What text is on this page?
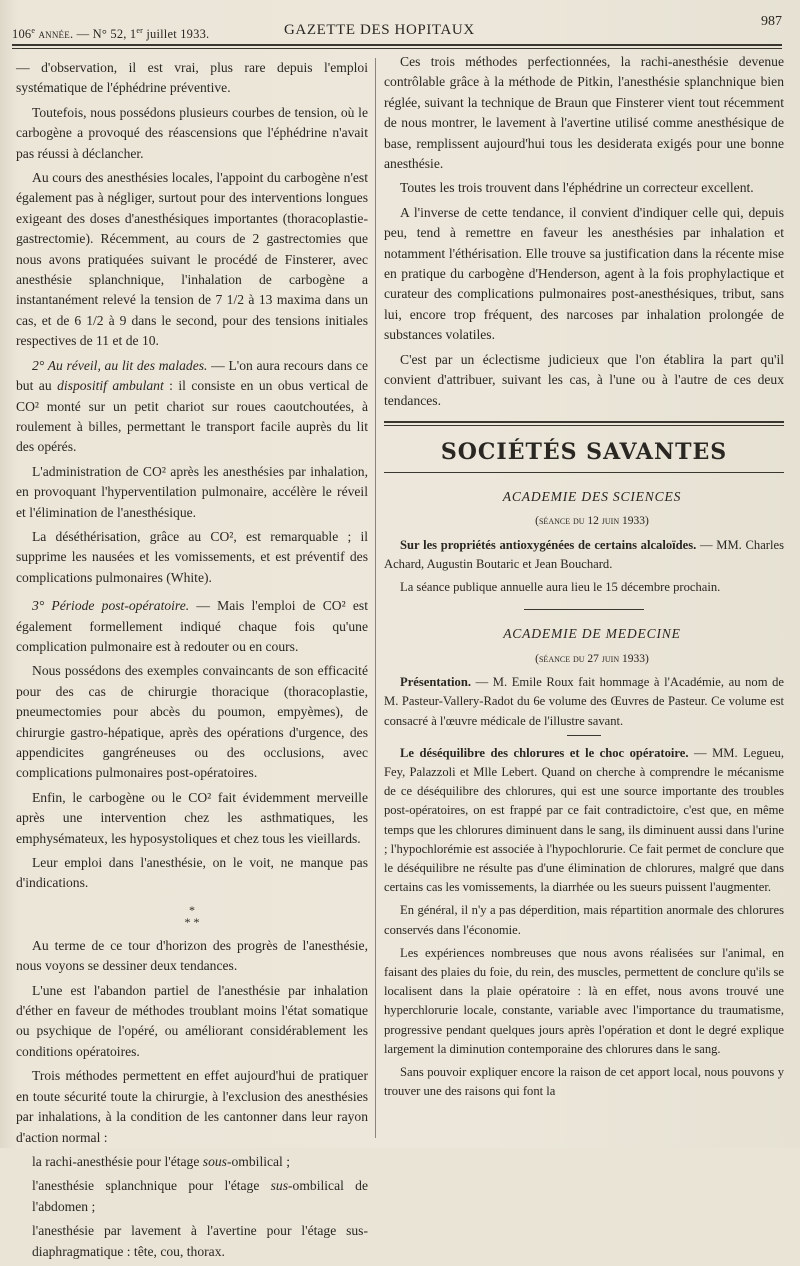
106e année. — N° 52, 1er juillet 1933.	GAZETTE DES HOPITAUX
987

— d'observation, il est vrai, plus rare depuis l'emploi systématique de l'éphédrine préventive.

Toutefois, nous possédons plusieurs courbes de tension, où le carbogène a provoqué des réascensions que l'éphédrine n'avait pas réussi à déclancher.

Au cours des anesthésies locales, l'appoint du carbogène n'est également pas à négliger, surtout pour des interventions longues exigeant des doses d'anesthésiques importantes (thoracoplastie-gastrectomie). Récemment, au cours de 2 gastrectomies que nous avons pratiquées suivant le procédé de Finsterer, avec anesthésie splanchnique, l'inhalation de carbogène a instantanément relevé la tension de 7 1/2 à 13 maxima dans un cas, et de 6 1/2 à 9 dans le second, pour des tensions initiales respectives de 11 et de 10.

2° Au réveil, au lit des malades. — L'on aura recours dans ce but au dispositif ambulant : il consiste en un obus vertical de CO² monté sur un petit chariot sur roues caoutchoutées, à roulement à billes, permettant le transport facile auprès du lit des opérés.

L'administration de CO² après les anesthésies par inhalation, en provoquant l'hyperventilation pulmonaire, accélère le réveil et l'élimination de l'anesthésique.

La déséthérisation, grâce au CO², est remarquable ; il supprime les nausées et les vomissements, et est préventif des complications pulmonaires (White).

3° Période post-opératoire. — Mais l'emploi de CO² est également formellement indiqué chaque fois qu'une complication pulmonaire est à redouter ou en cours.

Nous possédons des exemples convaincants de son efficacité pour des cas de chirurgie thoracique (thoracoplastie, pneumectomies pour abcès du poumon, empyèmes), de chirurgie gastro-hépatique, après des opérations d'urgence, des appendicites gangréneuses ou des occlusions, avec complications pulmonaires post-opératoires.

Enfin, le carbogène ou le CO² fait évidemment merveille après une intervention chez les asthmatiques, les emphysémateux, les hyposystoliques et chez tous les vieillards.

Leur emploi dans l'anesthésie, on le voit, ne manque pas d'indications.

*
* *

Au terme de ce tour d'horizon des progrès de l'anesthésie, nous voyons se dessiner deux tendances.

L'une est l'abandon partiel de l'anesthésie par inhalation d'éther en faveur de méthodes troublant moins l'état somatique ou psychique de l'opéré, ou améliorant considérablement les conditions opératoires.

Trois méthodes permettent en effet aujourd'hui de pratiquer en toute sécurité toute la chirurgie, à l'exclusion des anesthésies par inhalations, à la condition de les cantonner dans leur rayon d'action normal :

la rachi-anesthésie pour l'étage sous-ombilical ;

l'anesthésie splanchnique pour l'étage sus-ombilical de l'abdomen ;

l'anesthésie par lavement à l'avertine pour l'étage sus-diaphragmatique : tête, cou, thorax.

Ces trois méthodes perfectionnées, la rachi-anesthésie devenue contrôlable grâce à la méthode de Pitkin, l'anesthésie splanchnique bien réglée, suivant la technique de Braun que Finsterer vient tout récemment de nous montrer, le lavement à l'avertine utilisé comme anesthésique de base, remplissent aujourd'hui tous les desiderata exigés pour une bonne anesthésie.

Toutes les trois trouvent dans l'éphédrine un correcteur excellent.

A l'inverse de cette tendance, il convient d'indiquer celle qui, depuis peu, tend à remettre en faveur les anesthésies par inhalation et notamment l'éthérisation. Elle trouve sa justification dans la récente mise en pratique du carbogène d'Henderson, agent à la fois prophylactique et curateur des complications pulmonaires post-anesthésiques, tribut, sans lui, encore trop fréquent, des narcoses par inhalation prolongée de substances volatiles.

C'est par un éclectisme judicieux que l'on établira la part qu'il convient d'attribuer, suivant les cas, à l'une ou à l'autre de ces deux tendances.

SOCIÉTÉS SAVANTES

ACADEMIE DES SCIENCES

(séance du 12 juin 1933)

Sur les propriétés antioxygénées de certains alcaloïdes. — MM. Charles Achard, Augustin Boutaric et Jean Bouchard.

La séance publique annuelle aura lieu le 15 décembre prochain.

ACADEMIE DE MEDECINE

(séance du 27 juin 1933)

Présentation. — M. Emile Roux fait hommage à l'Académie, au nom de M. Pasteur-Vallery-Radot du 6e volume des Œuvres de Pasteur. Ce volume est consacré à l'œuvre médicale de l'illustre savant.

Le déséquilibre des chlorures et le choc opératoire. — MM. Legueu, Fey, Palazzoli et Mlle Lebert. Quand on cherche à comprendre le mécanisme de ce déséquilibre des chlorures, qui est une source importante des troubles post-opératoires, on est frappé par ce fait contradictoire, c'est que, en même temps que les chlorures diminuent dans le sang, ils diminuent aussi dans l'urine ; l'hypochlorémie est associée à l'hypochlorurie. Ce fait permet de conclure que le déséquilibre ne résulte pas d'une élimination de chlorures, malgré que dans certains cas les vomissements, la diarrhée ou les sueurs puissent l'augmenter.

En général, il n'y a pas déperdition, mais répartition anormale des chlorures conservés dans l'économie.

Les expériences nombreuses que nous avons réalisées sur l'animal, en faisant des plaies du foie, du rein, des muscles, permettent de conclure qu'ils se localisent dans la plaie opératoire : là en effet, nous avons trouvé une hyperchlorurie locale, constante, variable avec l'importance du traumatisme, progressive pendant quelques jours après l'opération et dont le degré explique largement la diminution contemporaine des chlorures dans le sang.

Sans pouvoir expliquer encore la raison de cet apport local, nous pouvons y trouver une des raisons qui font la
